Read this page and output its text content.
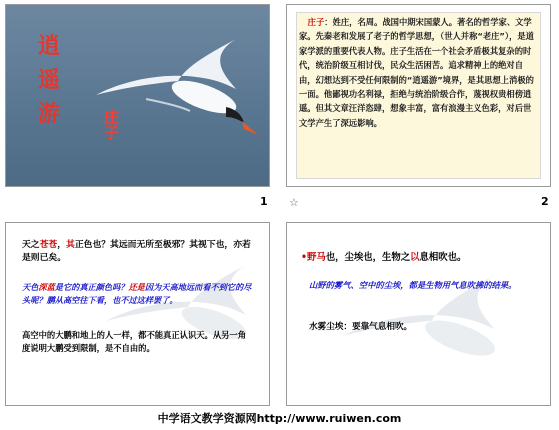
逍
遥
游	庄
子
1
庄子：姓庄，名周。战国中期宋国蒙人。著名的哲学家、文学家。先秦老和发展了老子的哲学思想，（世人并称“老庄”），是道家学派的重要代表人物。庄子生活在一个社会矛盾极其复杂的时代，统治阶级互相讨伐，民众生活困苦。追求精神上的绝对自由，幻想达到不受任何限制的“逍遥游”境界，是其思想上消极的一面。他鄙视功名利禄，拒绝与统治阶级合作，蔑视权贵相傍逍遥。但其文章汪洋恣肆，想象丰富，富有浪漫主义色彩，对后世文学产生了深远影响。
☆	2
天之苍苍，其正色也？其远而无所至极邪？其视下也，亦若是则已矣。
天色深蓝是它的真正颜色吗？还是因为天高地远而看不到它的尽头呢？鹏从高空往下看，也不过这样罢了。
高空中的大鹏和地上的人一样，都不能真正认识天。从另一角度说明大鹏受到限制，是不自由的。
•野马也，尘埃也，生物之以息相吹也。
山野的雾气、空中的尘埃，都是生物用气息吹拂的结果。
水雾尘埃：要靠气息相吹。
中学语文教学资源网http://www.ruiwen.com
